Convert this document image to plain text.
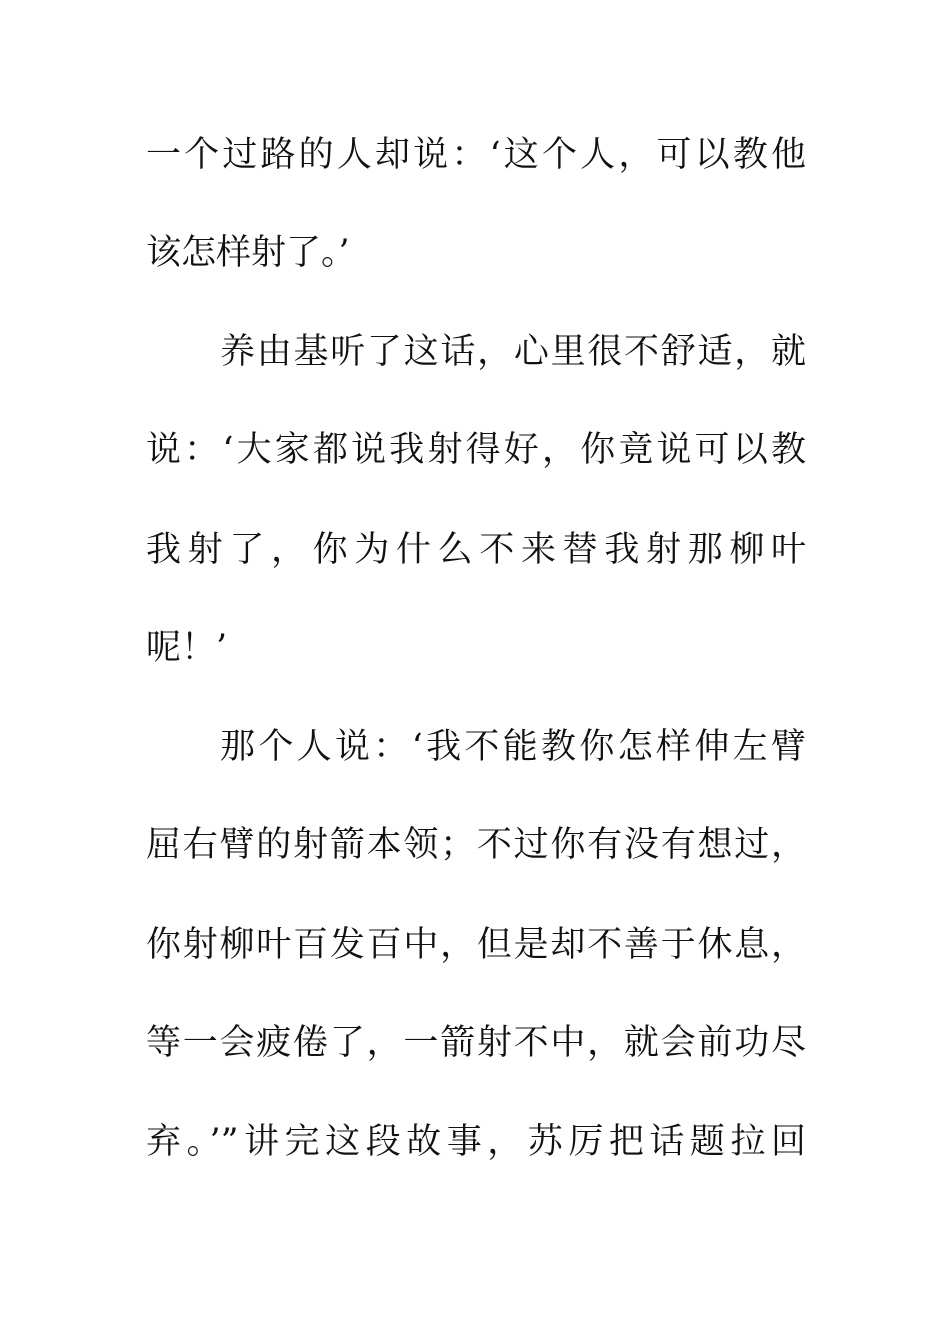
一个过路的人却说：‘这个人，可以教他
该怎样射了。’
养由基听了这话，心里很不舒适，就
说：‘大家都说我射得好，你竟说可以教
我射了，你为什么不来替我射那柳叶
呢！’
那个人说：‘我不能教你怎样伸左臂
屈右臂的射箭本领；不过你有没有想过，
你射柳叶百发百中，但是却不善于休息，
等一会疲倦了，一箭射不中，就会前功尽
弃。’”讲完这段故事，苏厉把话题拉回
